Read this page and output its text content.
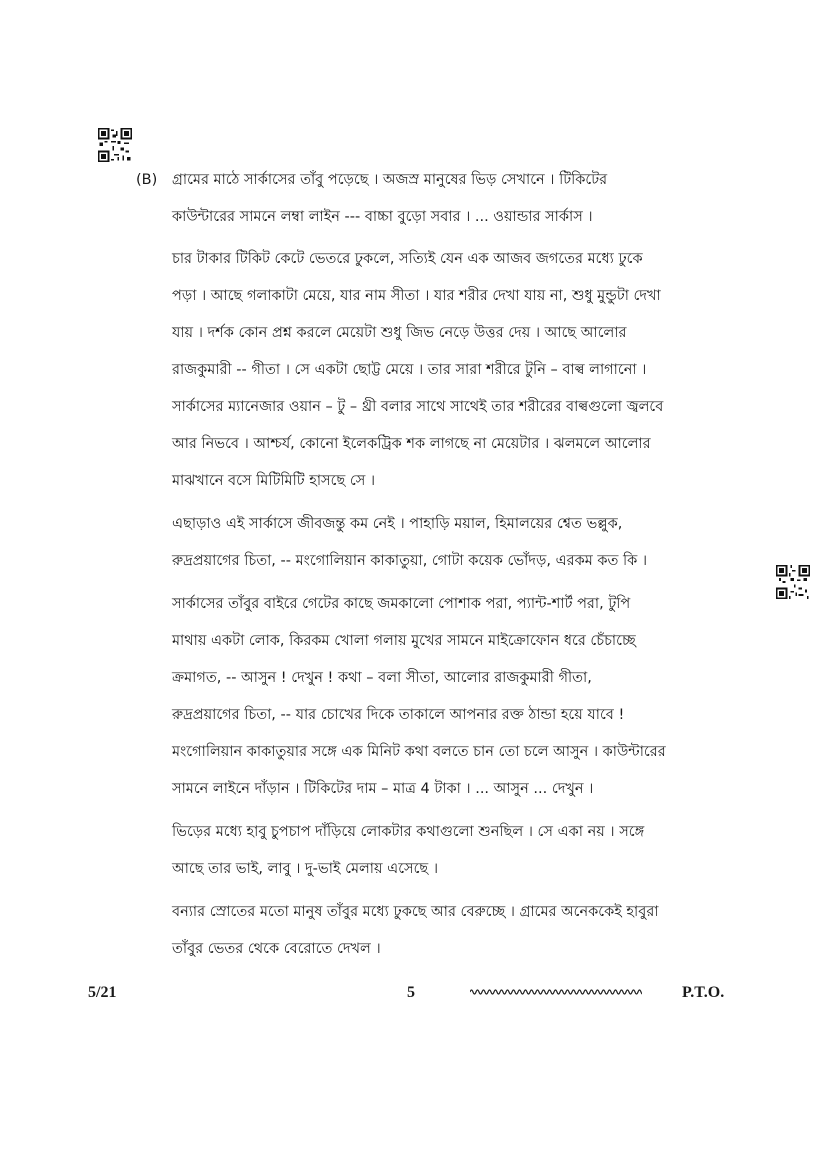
(B) গ্রামের মাঠে সার্কাসের তাঁবু পড়েছে । অজস্র মানুষের ভিড় সেখানে । টিকিটের
কাউন্টারের সামনে লম্বা লাইন --- বাচ্চা বুড়ো সবার । ... ওয়ান্ডার সার্কাস ।
চার টাকার টিকিট কেটে ভেতরে ঢুকলে, সত্যিই যেন এক আজব জগতের মধ্যে ঢুকে
পড়া । আছে গলাকাটা মেয়ে, যার নাম সীতা । যার শরীর দেখা যায় না, শুধু মুন্ডুটা দেখা
যায় । দর্শক কোন প্রশ্ন করলে মেয়েটা শুধু জিভ নেড়ে উত্তর দেয় । আছে আলোর
রাজকুমারী -- গীতা । সে একটা ছোট্ট মেয়ে । তার সারা শরীরে টুনি – বাল্ব লাগানো ।
সার্কাসের ম্যানেজার ওয়ান – টু – থ্রী বলার সাথে সাথেই তার শরীরের বাল্বগুলো জ্বলবে
আর নিভবে । আশ্চর্য, কোনো ইলেকট্রিক শক লাগছে না মেয়েটার । ঝলমলে আলোর
মাঝখানে বসে মিটিমিটি হাসছে সে ।
এছাড়াও এই সার্কাসে জীবজন্তু কম নেই । পাহাড়ি ময়াল, হিমালয়ের শ্বেত ভল্লুক,
রুদ্রপ্রয়াগের চিতা, -- মংগোলিয়ান কাকাতুয়া, গোটা কয়েক ভোঁদড়, এরকম কত কি ।
সার্কাসের তাঁবুর বাইরে গেটের কাছে জমকালো পোশাক পরা, প্যান্ট-শার্ট পরা, টুপি
মাথায় একটা লোক, কিরকম খোলা গলায় মুখের সামনে মাইক্রোফোন ধরে চেঁচাচ্ছে
ক্রমাগত, -- আসুন ! দেখুন ! কথা – বলা সীতা, আলোর রাজকুমারী গীতা,
রুদ্রপ্রয়াগের চিতা, -- যার চোখের দিকে তাকালে আপনার রক্ত ঠান্ডা হয়ে যাবে !
মংগোলিয়ান কাকাতুয়ার সঙ্গে এক মিনিট কথা বলতে চান তো চলে আসুন । কাউন্টারের
সামনে লাইনে দাঁড়ান । টিকিটের দাম – মাত্র 4 টাকা । ... আসুন ... দেখুন ।
ভিড়ের মধ্যে হাবু চুপচাপ দাঁড়িয়ে লোকটার কথাগুলো শুনছিল । সে একা নয় । সঙ্গে
আছে তার ভাই, লাবু । দু-ভাই মেলায় এসেছে ।
বন্যার স্রোতের মতো মানুষ তাঁবুর মধ্যে ঢুকছে আর বেরুচ্ছে । গ্রামের অনেককেই হাবুরা
তাঁবুর ভেতর থেকে বেরোতে দেখল ।
5/21	5	P.T.O.
